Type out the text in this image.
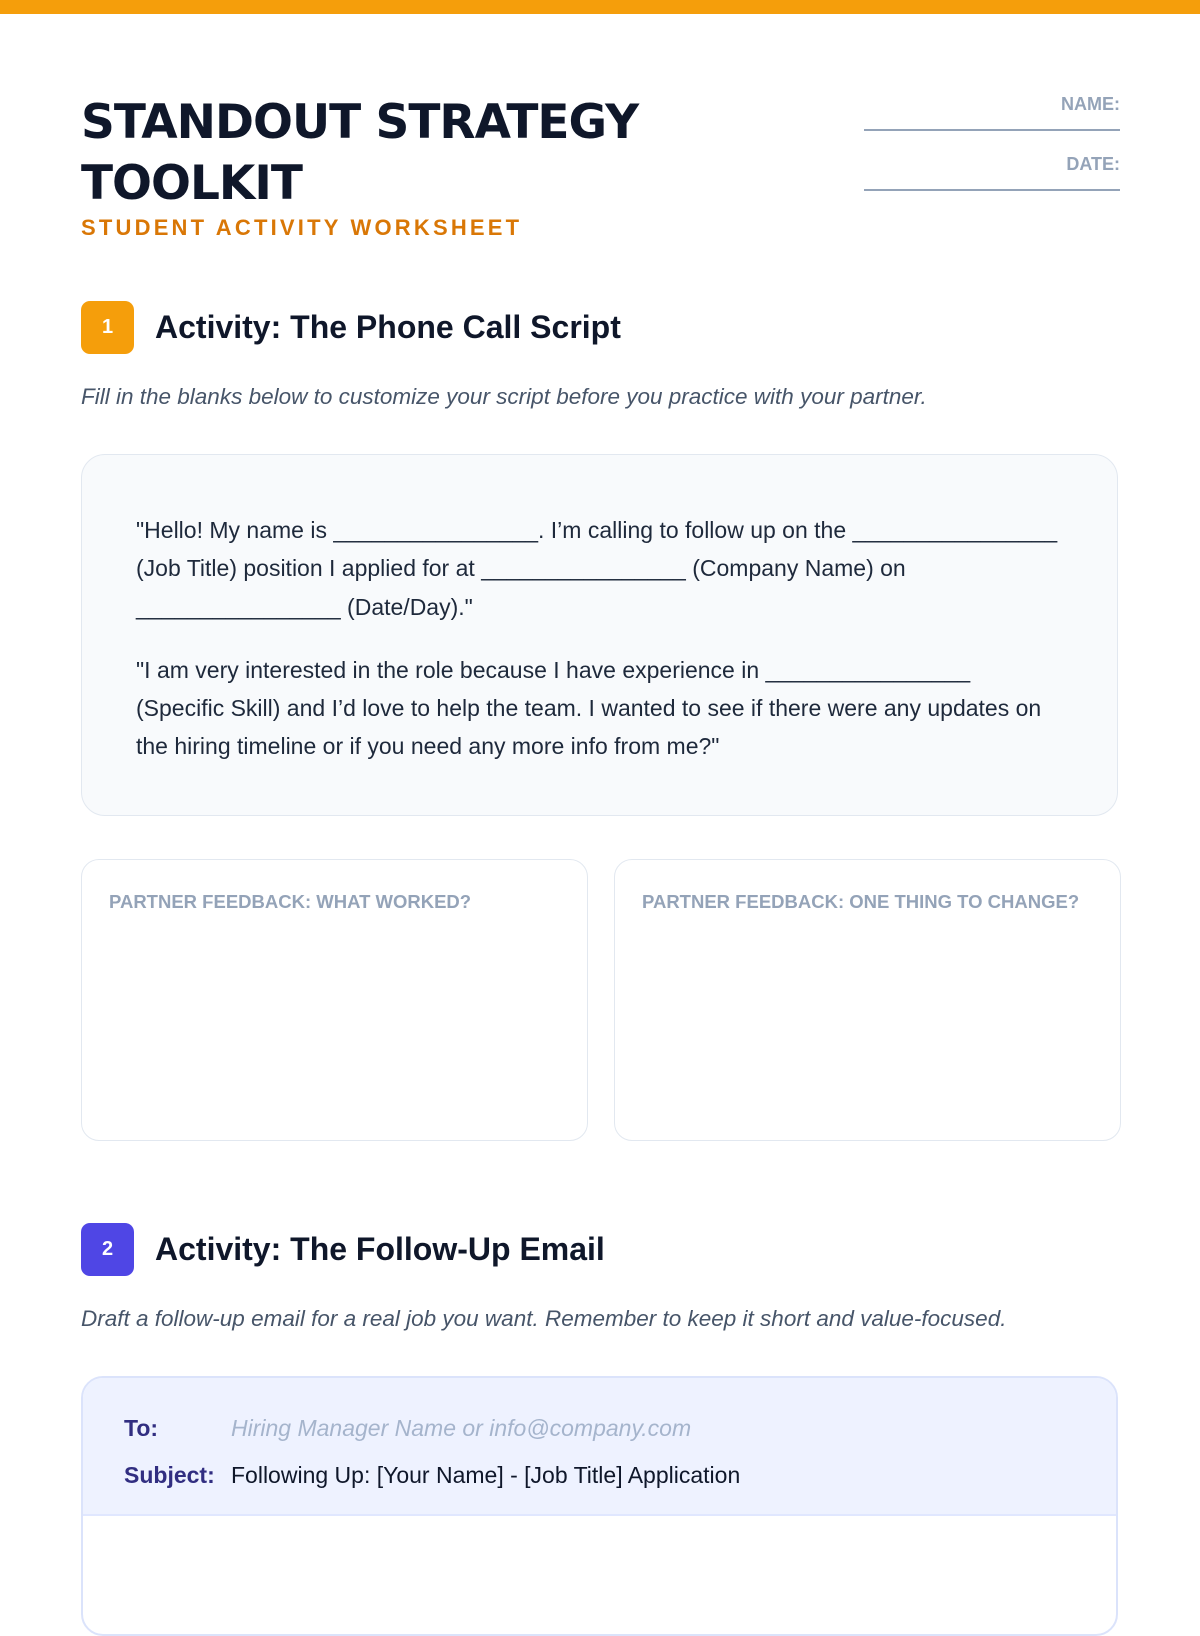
STANDOUT STRATEGY TOOLKIT
STUDENT ACTIVITY WORKSHEET
NAME:
DATE:
1	Activity: The Phone Call Script
Fill in the blanks below to customize your script before you practice with your partner.

"Hello! My name is ________________. I’m calling to follow up on the ________________ (Job Title) position I applied for at ________________ (Company Name) on ________________ (Date/Day)."

"I am very interested in the role because I have experience in ________________ (Specific Skill) and I’d love to help the team. I wanted to see if there were any updates on the hiring timeline or if you need any more info from me?"

PARTNER FEEDBACK: WHAT WORKED?	PARTNER FEEDBACK: ONE THING TO CHANGE?
2	Activity: The Follow-Up Email
Draft a follow-up email for a real job you want. Remember to keep it short and value-focused.
To:	Hiring Manager Name or info@company.com
Subject: Following Up: [Your Name] - [Job Title] Application
